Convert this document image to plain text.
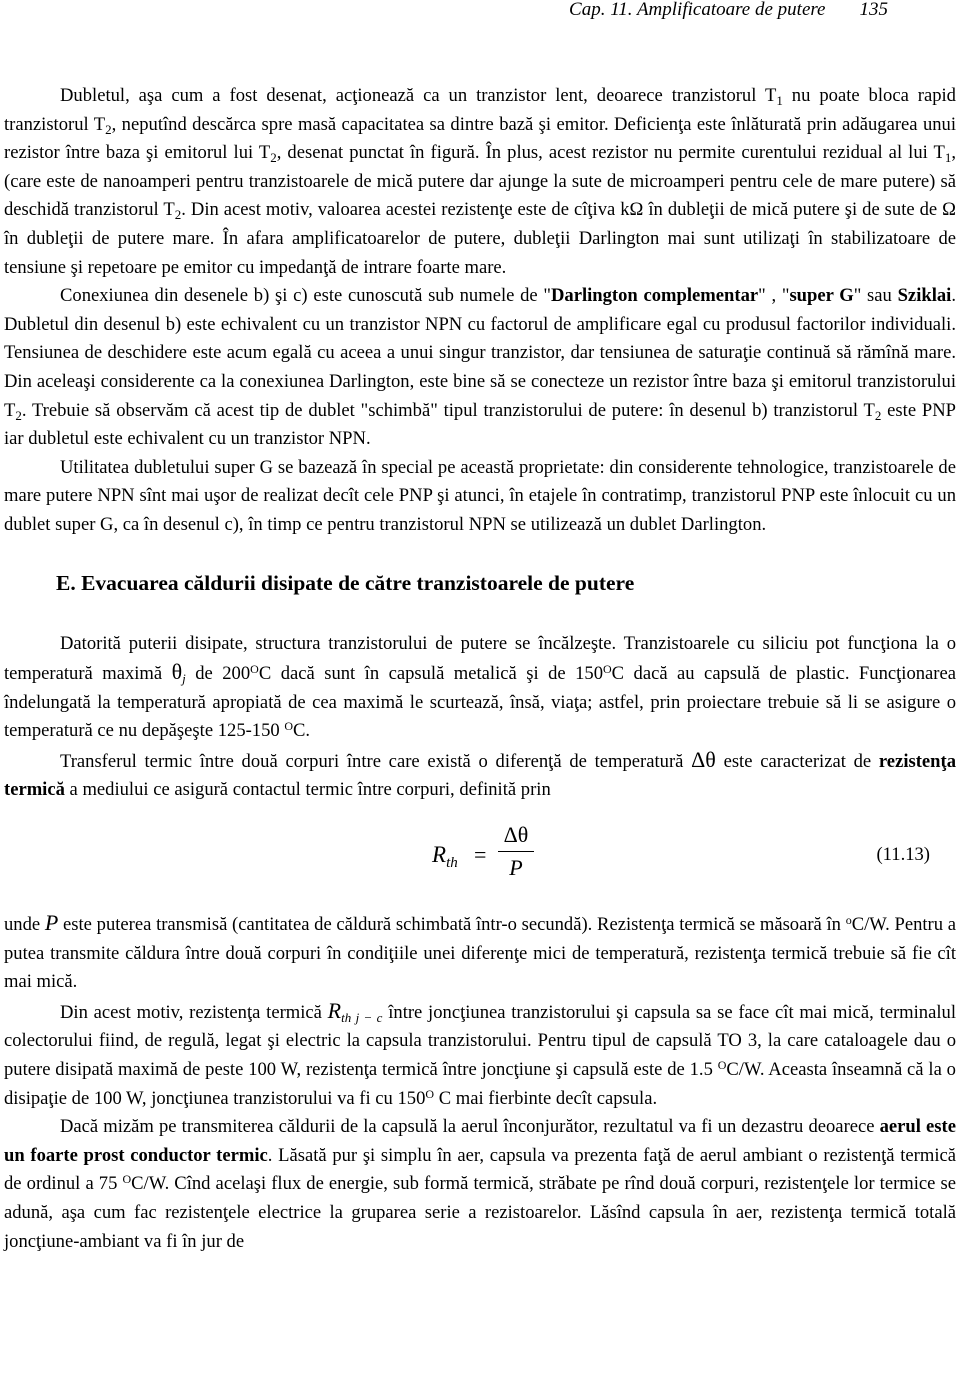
Cap. 11. Amplificatoare de putere 135

Dubletul, aşa cum a fost desenat, acţionează ca un tranzistor lent, deoarece tranzistorul $T_1$ nu poate bloca rapid tranzistorul $T_2$, neputînd descărca spre masă capacitatea sa dintre bază şi emitor. Deficienţa este înlăturată prin adăugarea unui rezistor între baza şi emitorul lui $T_2$, desenat punctat în figură. În plus, acest rezistor nu permite curentului rezidual al lui $T_1$, (care este de nanoamperi pentru tranzistoarele de mică putere dar ajunge la sute de microamperi pentru cele de mare putere) să deschidă tranzistorul $T_2$. Din acest motiv, valoarea acestei rezistenţe este de cîţiva kΩ în dubleţii de mică putere şi de sute de Ω în dubleţii de putere mare. În afara amplificatoarelor de putere, dubleţii Darlington mai sunt utilizaţi în stabilizatoare de tensiune şi repetoare pe emitor cu impedanţă de intrare foarte mare.

Conexiunea din desenele b) şi c) este cunoscută sub numele de "Darlington complementar" , "super G" sau Sziklai. Dubletul din desenul b) este echivalent cu un tranzistor NPN cu factorul de amplificare egal cu produsul factorilor individuali. Tensiunea de deschidere este acum egală cu aceea a unui singur tranzistor, dar tensiunea de saturaţie continuă să rămînă mare. Din aceleaşi considerente ca la conexiunea Darlington, este bine să se conecteze un rezistor între baza şi emitorul tranzistorului $T_2$. Trebuie să observăm că acest tip de dublet "schimbă" tipul tranzistorului de putere: în desenul b) tranzistorul $T_2$ este PNP iar dubletul este echivalent cu un tranzistor NPN.

Utilitatea dubletului super G se bazează în special pe această proprietate: din considerente tehnologice, tranzistoarele de mare putere NPN sînt mai uşor de realizat decît cele PNP şi atunci, în etajele în contratimp, tranzistorul PNP este înlocuit cu un dublet super G, ca în desenul c), în timp ce pentru tranzistorul NPN se utilizează un dublet Darlington.

E. Evacuarea căldurii disipate de către tranzistoarele de putere

Datorită puterii disipate, structura tranzistorului de putere se încălzeşte. Tranzistoarele cu siliciu pot funcţiona la o temperatură maximă $\theta_j$ de $200^OC$ dacă sunt în capsulă metalică şi de $150^OC$ dacă au capsulă de plastic. Funcţionarea îndelungată la temperatură apropiată de cea maximă le scurtează, însă, viaţa; astfel, prin proiectare trebuie să li se asigure o temperatură ce nu depăşeşte 125-150 $^O$C.

Transferul termic între două corpuri între care există o diferenţă de temperatură Δθ este caracterizat de rezistenţa termică a mediului ce asigură contactul termic între corpuri, definită prin

$R_{th}$ =
Δθ
P
(11.13)

unde P este puterea transmisă (cantitatea de căldură schimbată într-o secundă). Rezistenţa termică se măsoară în $^o$C/W. Pentru a putea transmite căldura între două corpuri în condiţiile unei diferenţe mici de temperatură, rezistenţa termică trebuie să fie cît mai mică.

Din acest motiv, rezistenţa termică $R_{th j - c}$ între joncţiunea tranzistorului şi capsula sa se face cît mai mică, terminalul colectorului fiind, de regulă, legat şi electric la capsula tranzistorului. Pentru tipul de capsulă TO 3, la care cataloagele dau o putere disipată maximă de peste 100 W, rezistenţa termică între joncţiune şi capsulă este de 1.5 $^O$C/W. Aceasta înseamnă că la o disipaţie de 100 W, joncţiunea tranzistorului va fi cu $150^O$ C mai fierbinte decît capsula.

Dacă mizăm pe transmiterea căldurii de la capsulă la aerul înconjurător, rezultatul va fi un dezastru deoarece aerul este un foarte prost conductor termic. Lăsată pur şi simplu în aer, capsula va prezenta faţă de aerul ambiant o rezistenţă termică de ordinul a 75 $^O$C/W. Cînd acelaşi flux de energie, sub formă termică, străbate pe rînd două corpuri, rezistenţele lor termice se adună, aşa cum fac rezistenţele electrice la gruparea serie a rezistoarelor. Lăsînd capsula în aer, rezistenţa termică totală joncţiune-ambiant va fi în jur de
